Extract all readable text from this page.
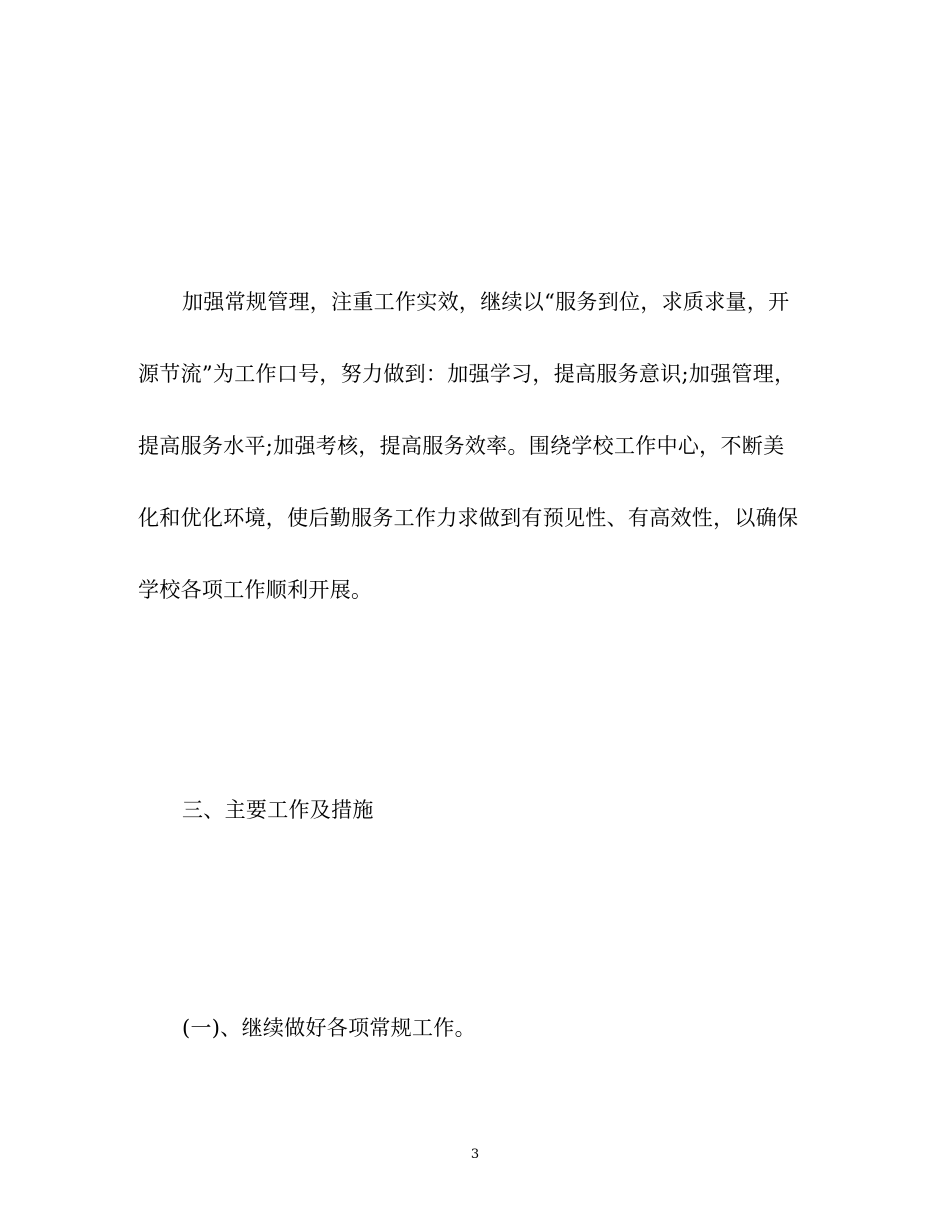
加强常规管理，注重工作实效，继续以“服务到位，求质求量，开
源节流”为工作口号，努力做到：加强学习，提高服务意识;加强管理，
提高服务水平;加强考核，提高服务效率。围绕学校工作中心，不断美
化和优化环境，使后勤服务工作力求做到有预见性、有高效性，以确保
学校各项工作顺利开展。
三、主要工作及措施
(一)、继续做好各项常规工作。
3
